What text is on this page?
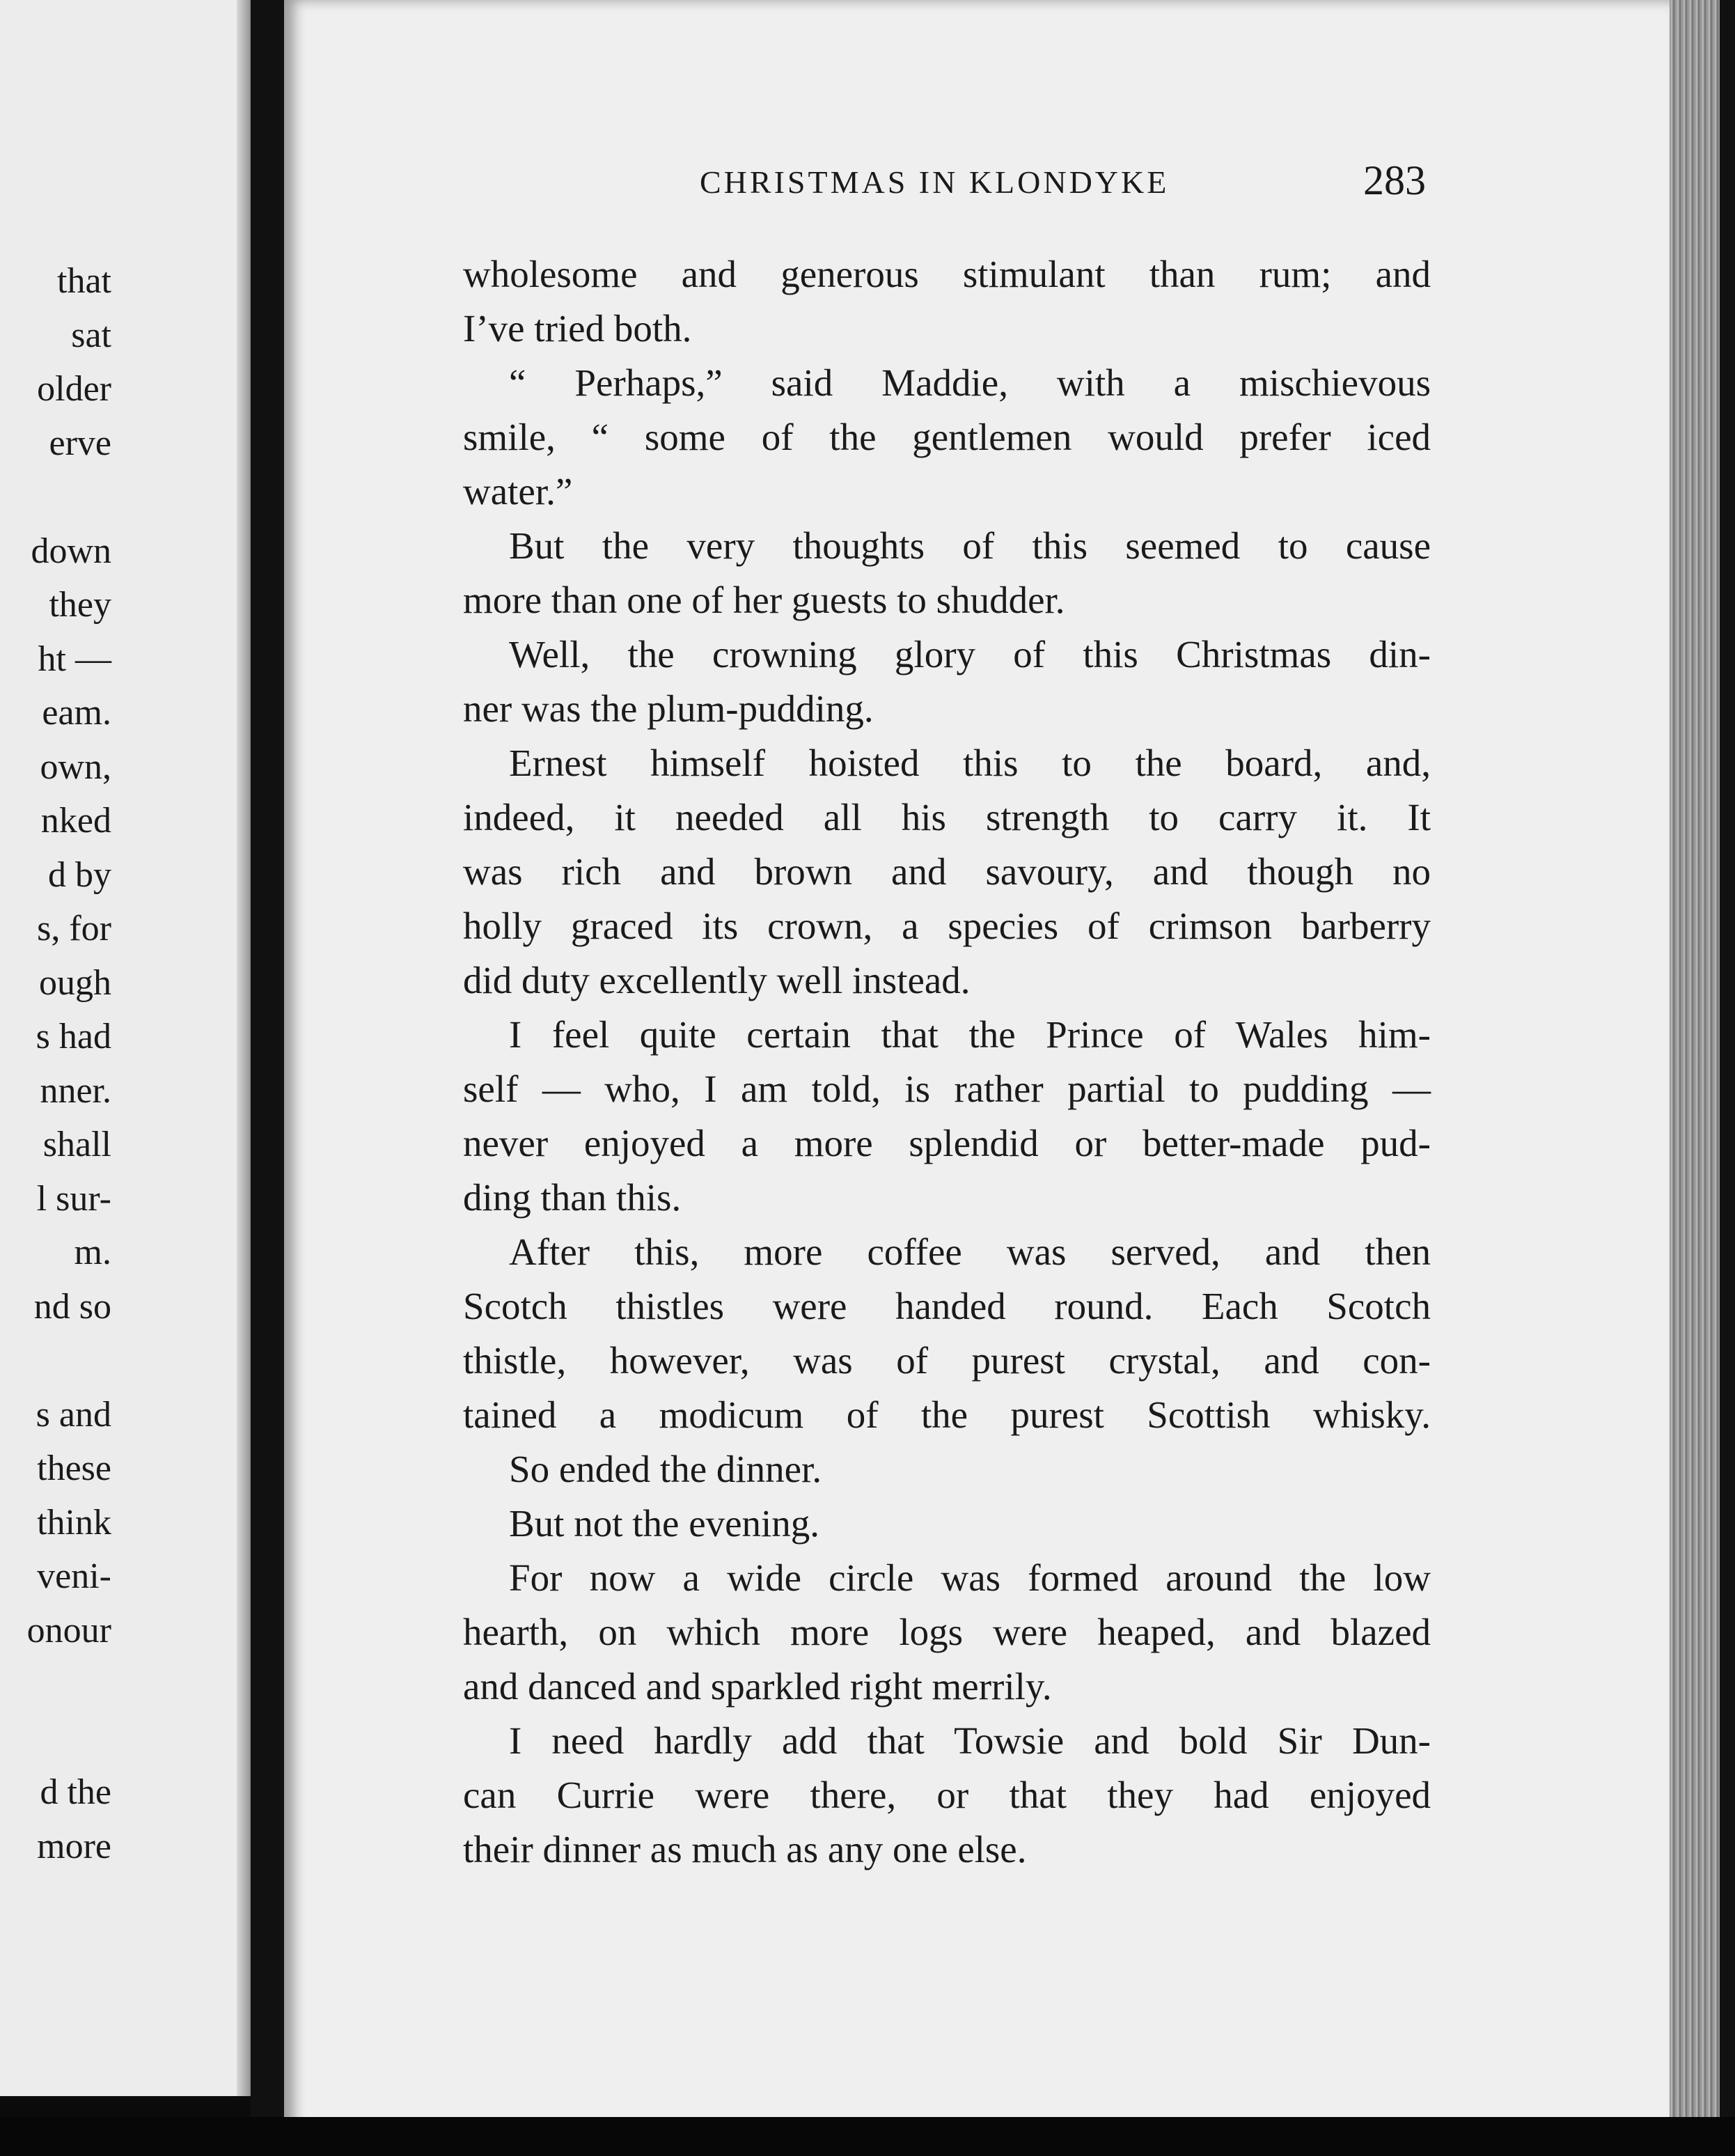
that
sat
older
erve
down
they
ht —
eam.
own,
nked
d by
s, for
ough
s had
nner.
shall
l sur-
m.
nd so
s and
these
think
veni-
onour
d the
more
CHRISTMAS IN KLONDYKE	283
wholesome and generous stimulant than rum; and
I’ve tried both.
“ Perhaps,” said Maddie, with a mischievous
smile, “ some of the gentlemen would prefer iced
water.”
But the very thoughts of this seemed to cause
more than one of her guests to shudder.
Well, the crowning glory of this Christmas din-
ner was the plum-pudding.
Ernest himself hoisted this to the board, and,
indeed, it needed all his strength to carry it. It
was rich and brown and savoury, and though no
holly graced its crown, a species of crimson barberry
did duty excellently well instead.
I feel quite certain that the Prince of Wales him-
self — who, I am told, is rather partial to pudding —
never enjoyed a more splendid or better-made pud-
ding than this.
After this, more coffee was served, and then
Scotch thistles were handed round. Each Scotch
thistle, however, was of purest crystal, and con-
tained a modicum of the purest Scottish whisky.
So ended the dinner.
But not the evening.
For now a wide circle was formed around the low
hearth, on which more logs were heaped, and blazed
and danced and sparkled right merrily.
I need hardly add that Towsie and bold Sir Dun-
can Currie were there, or that they had enjoyed
their dinner as much as any one else.
